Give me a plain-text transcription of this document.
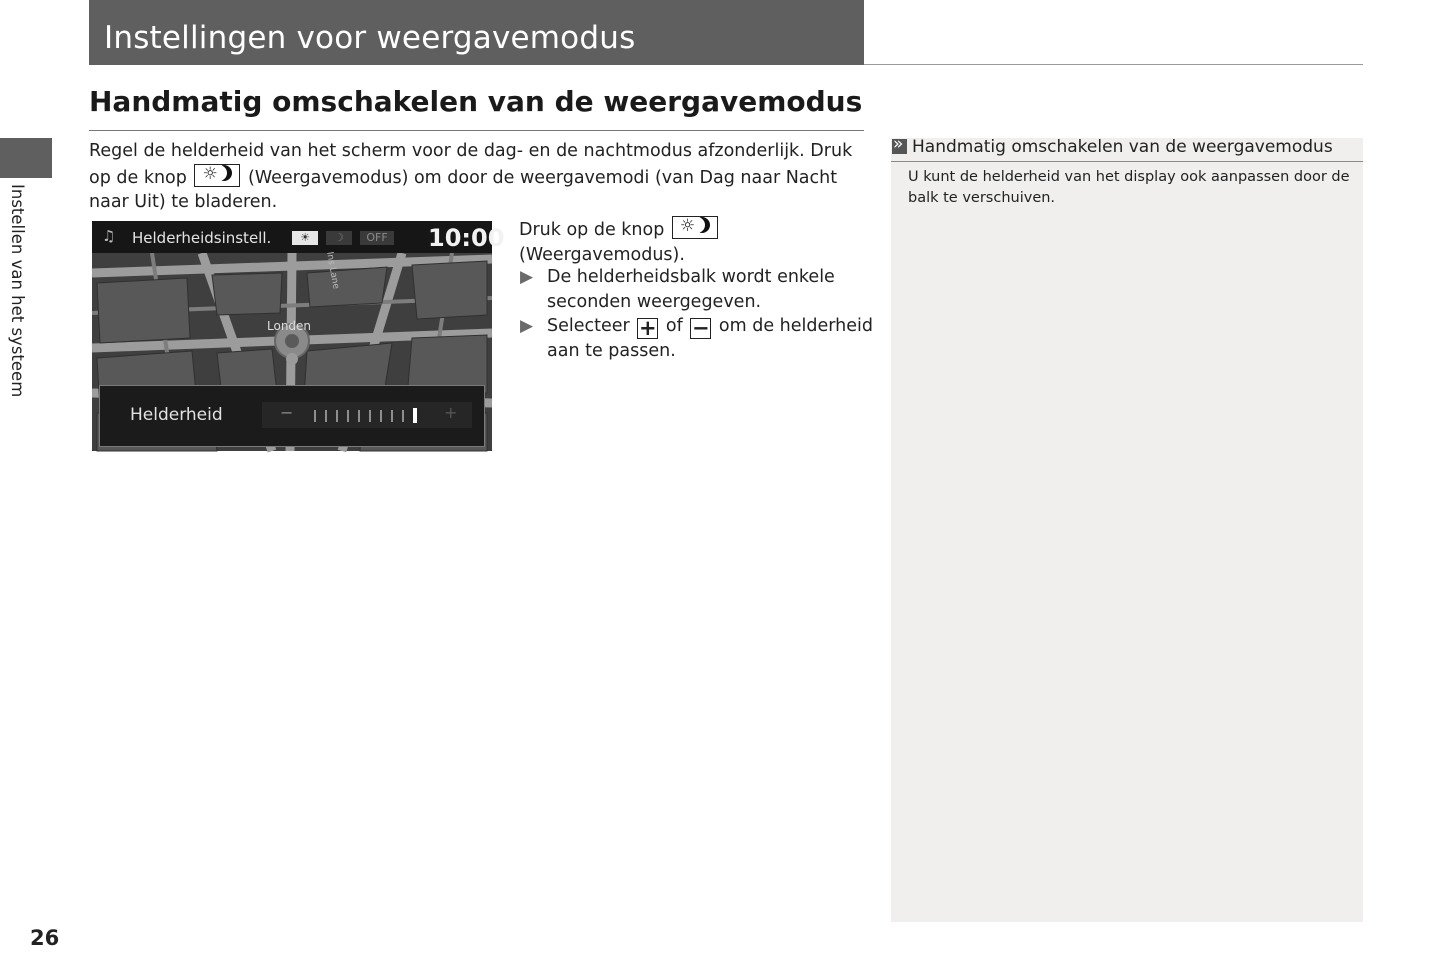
Instellingen voor weergavemodus
Handmatig omschakelen van de weergavemodus
Instellen van het systeem
Regel de helderheid van het scherm voor de dag- en de nachtmodus afzonderlijk. Druk op de knop ☼ (Weergavemodus) om door de weergavemodi (van Dag naar Nacht naar Uit) te bladeren.
♫ Helderheidsinstell.	☀	☽	OFF 10:00
Londen
Ins Lane
Helderheid	−	+
Druk op de knop ☼

(Weergavemodus).
▶ De helderheidsbalk wordt enkele seconden weergegeven.
▶ Selecteer + of − om de helderheid aan te passen.
»
Handmatig omschakelen van de weergavemodus
U kunt de helderheid van het display ook aanpassen door de balk te verschuiven.
26
